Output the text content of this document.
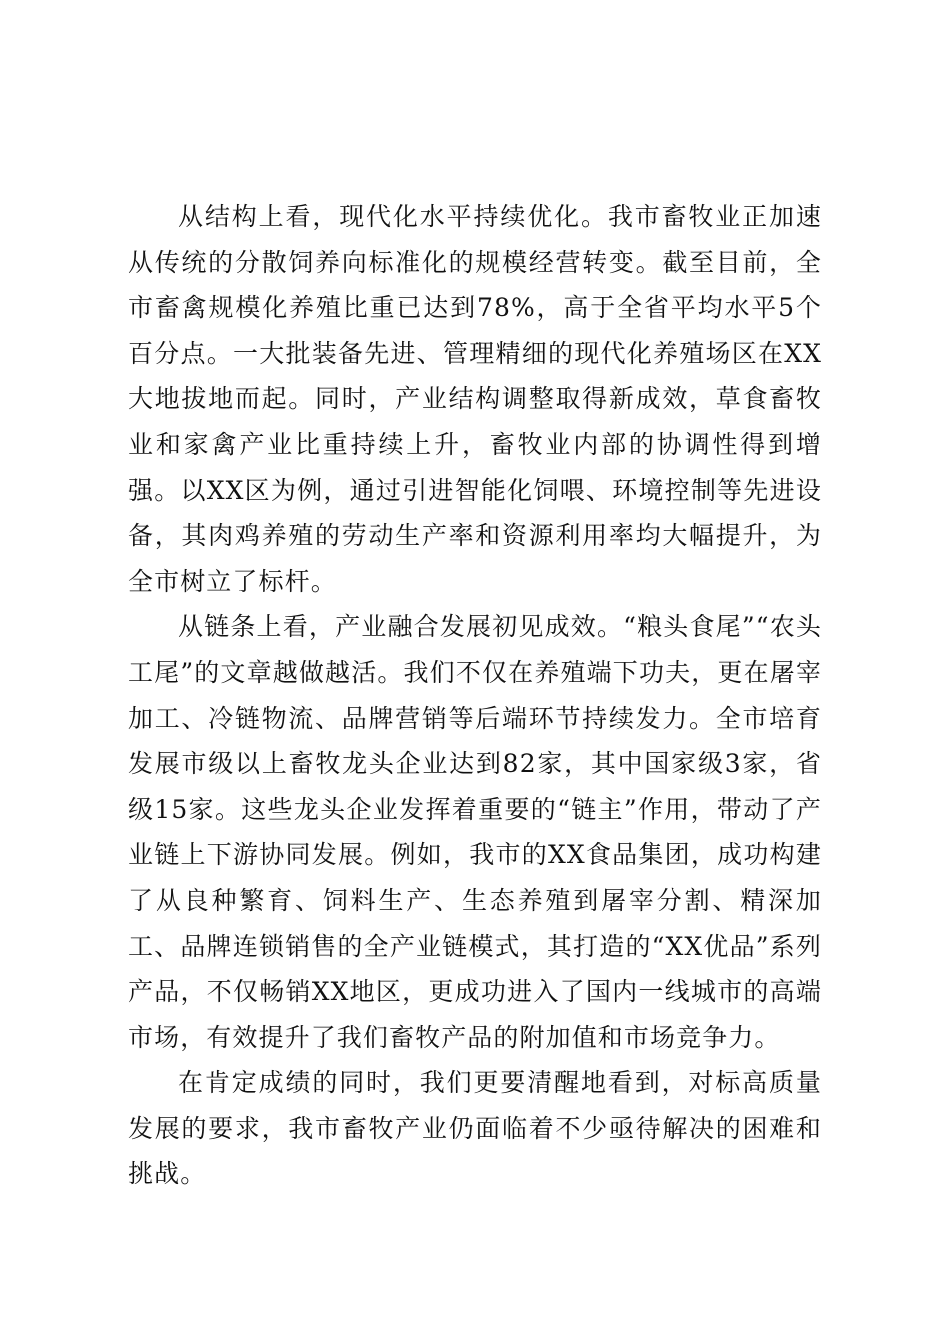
从结构上看，现代化水平持续优化。我市畜牧业正加速从传统的分散饲养向标准化的规模经营转变。截至目前，全市畜禽规模化养殖比重已达到78%，高于全省平均水平5个百分点。一大批装备先进、管理精细的现代化养殖场区在XX大地拔地而起。同时，产业结构调整取得新成效，草食畜牧业和家禽产业比重持续上升，畜牧业内部的协调性得到增强。以XX区为例，通过引进智能化饲喂、环境控制等先进设备，其肉鸡养殖的劳动生产率和资源利用率均大幅提升，为全市树立了标杆。

从链条上看，产业融合发展初见成效。“粮头食尾”“农头工尾”的文章越做越活。我们不仅在养殖端下功夫，更在屠宰加工、冷链物流、品牌营销等后端环节持续发力。全市培育发展市级以上畜牧龙头企业达到82家，其中国家级3家，省级15家。这些龙头企业发挥着重要的“链主”作用，带动了产业链上下游协同发展。例如，我市的XX食品集团，成功构建了从良种繁育、饲料生产、生态养殖到屠宰分割、精深加工、品牌连锁销售的全产业链模式，其打造的“XX优品”系列产品，不仅畅销XX地区，更成功进入了国内一线城市的高端市场，有效提升了我们畜牧产品的附加值和市场竞争力。

在肯定成绩的同时，我们更要清醒地看到，对标高质量发展的要求，我市畜牧产业仍面临着不少亟待解决的困难和挑战。
